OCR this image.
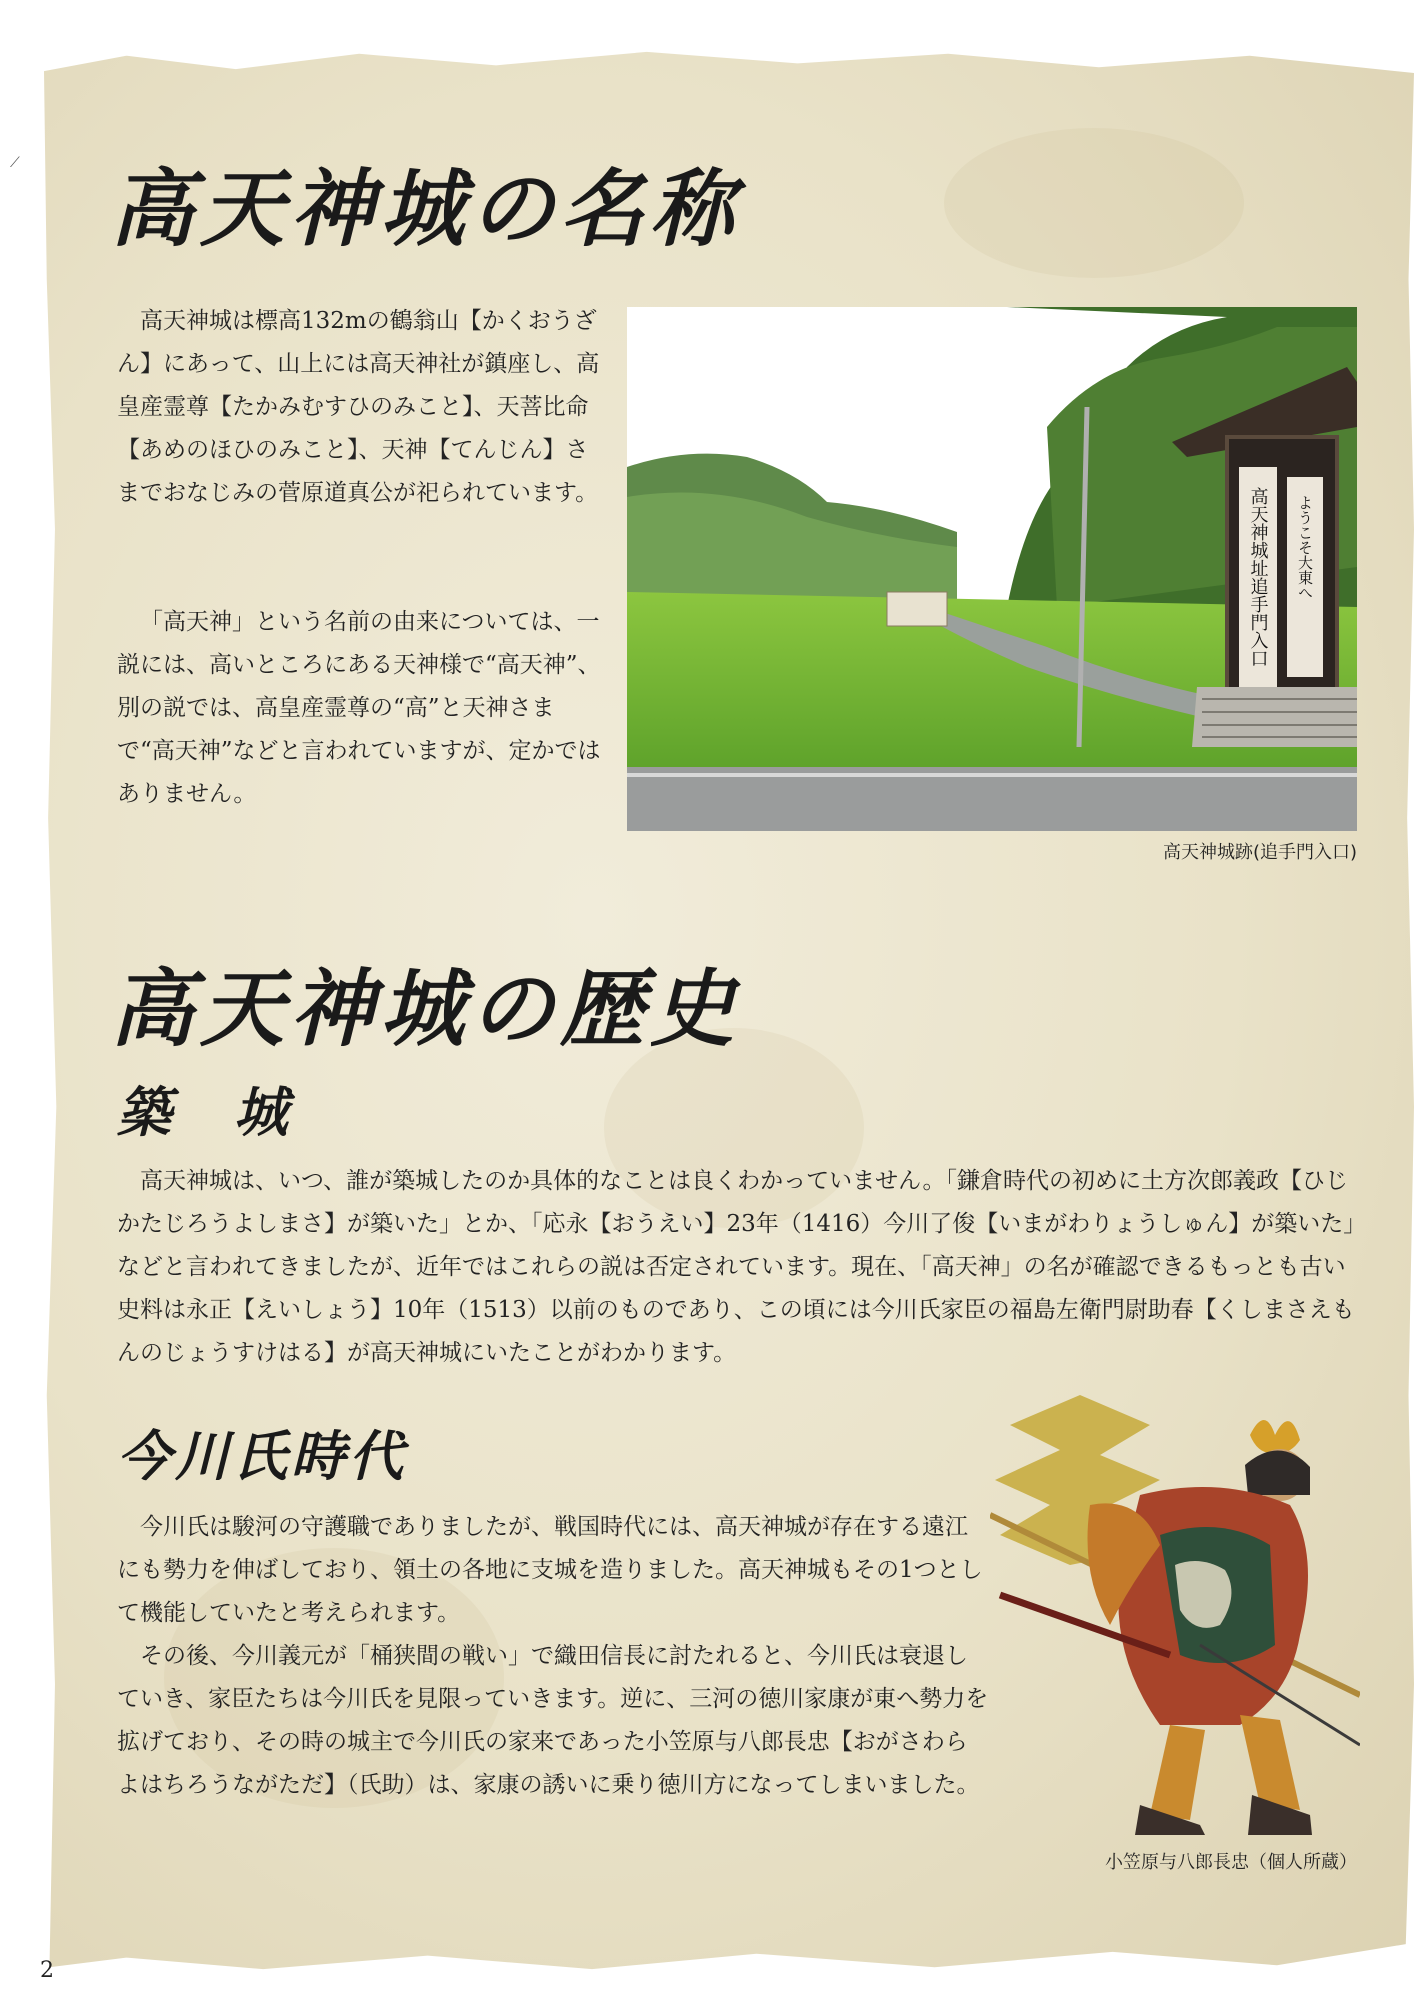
⟋ 高天神城の名称

高天神城は標高132mの鶴翁山【かくおうざん】にあって、山上には高天神社が鎮座し、高皇産霊尊【たかみむすひのみこと】、天菩比命【あめのほひのみこと】、天神【てんじん】さまでおなじみの菅原道真公が祀られています。

「高天神」という名前の由来については、一説には、高いところにある天神様で“高天神”、別の説では、高皇産霊尊の“高”と天神さまで“高天神”などと言われていますが、定かではありません。

高天神城址追手門入口 ようこそ大東へ

高天神城跡(追手門入口)

高天神城の歴史
築 城

高天神城は、いつ、誰が築城したのか具体的なことは良くわかっていません。「鎌倉時代の初めに土方次郎義政【ひじかたじろうよしまさ】が築いた」とか、「応永【おうえい】23年（1416）今川了俊【いまがわりょうしゅん】が築いた」などと言われてきましたが、近年ではこれらの説は否定されています。現在、「高天神」の名が確認できるもっとも古い史料は永正【えいしょう】10年（1513）以前のものであり、この頃には今川氏家臣の福島左衛門尉助春【くしまさえもんのじょうすけはる】が高天神城にいたことがわかります。

今川氏時代

今川氏は駿河の守護職でありましたが、戦国時代には、高天神城が存在する遠江にも勢力を伸ばしており、領土の各地に支城を造りました。高天神城もその1つとして機能していたと考えられます。

その後、今川義元が「桶狭間の戦い」で織田信長に討たれると、今川氏は衰退していき、家臣たちは今川氏を見限っていきます。逆に、三河の徳川家康が東へ勢力を拡げており、その時の城主で今川氏の家来であった小笠原与八郎長忠【おがさわらよはちろうながただ】（氏助）は、家康の誘いに乗り徳川方になってしまいました。

小笠原与八郎長忠（個人所蔵）

2
